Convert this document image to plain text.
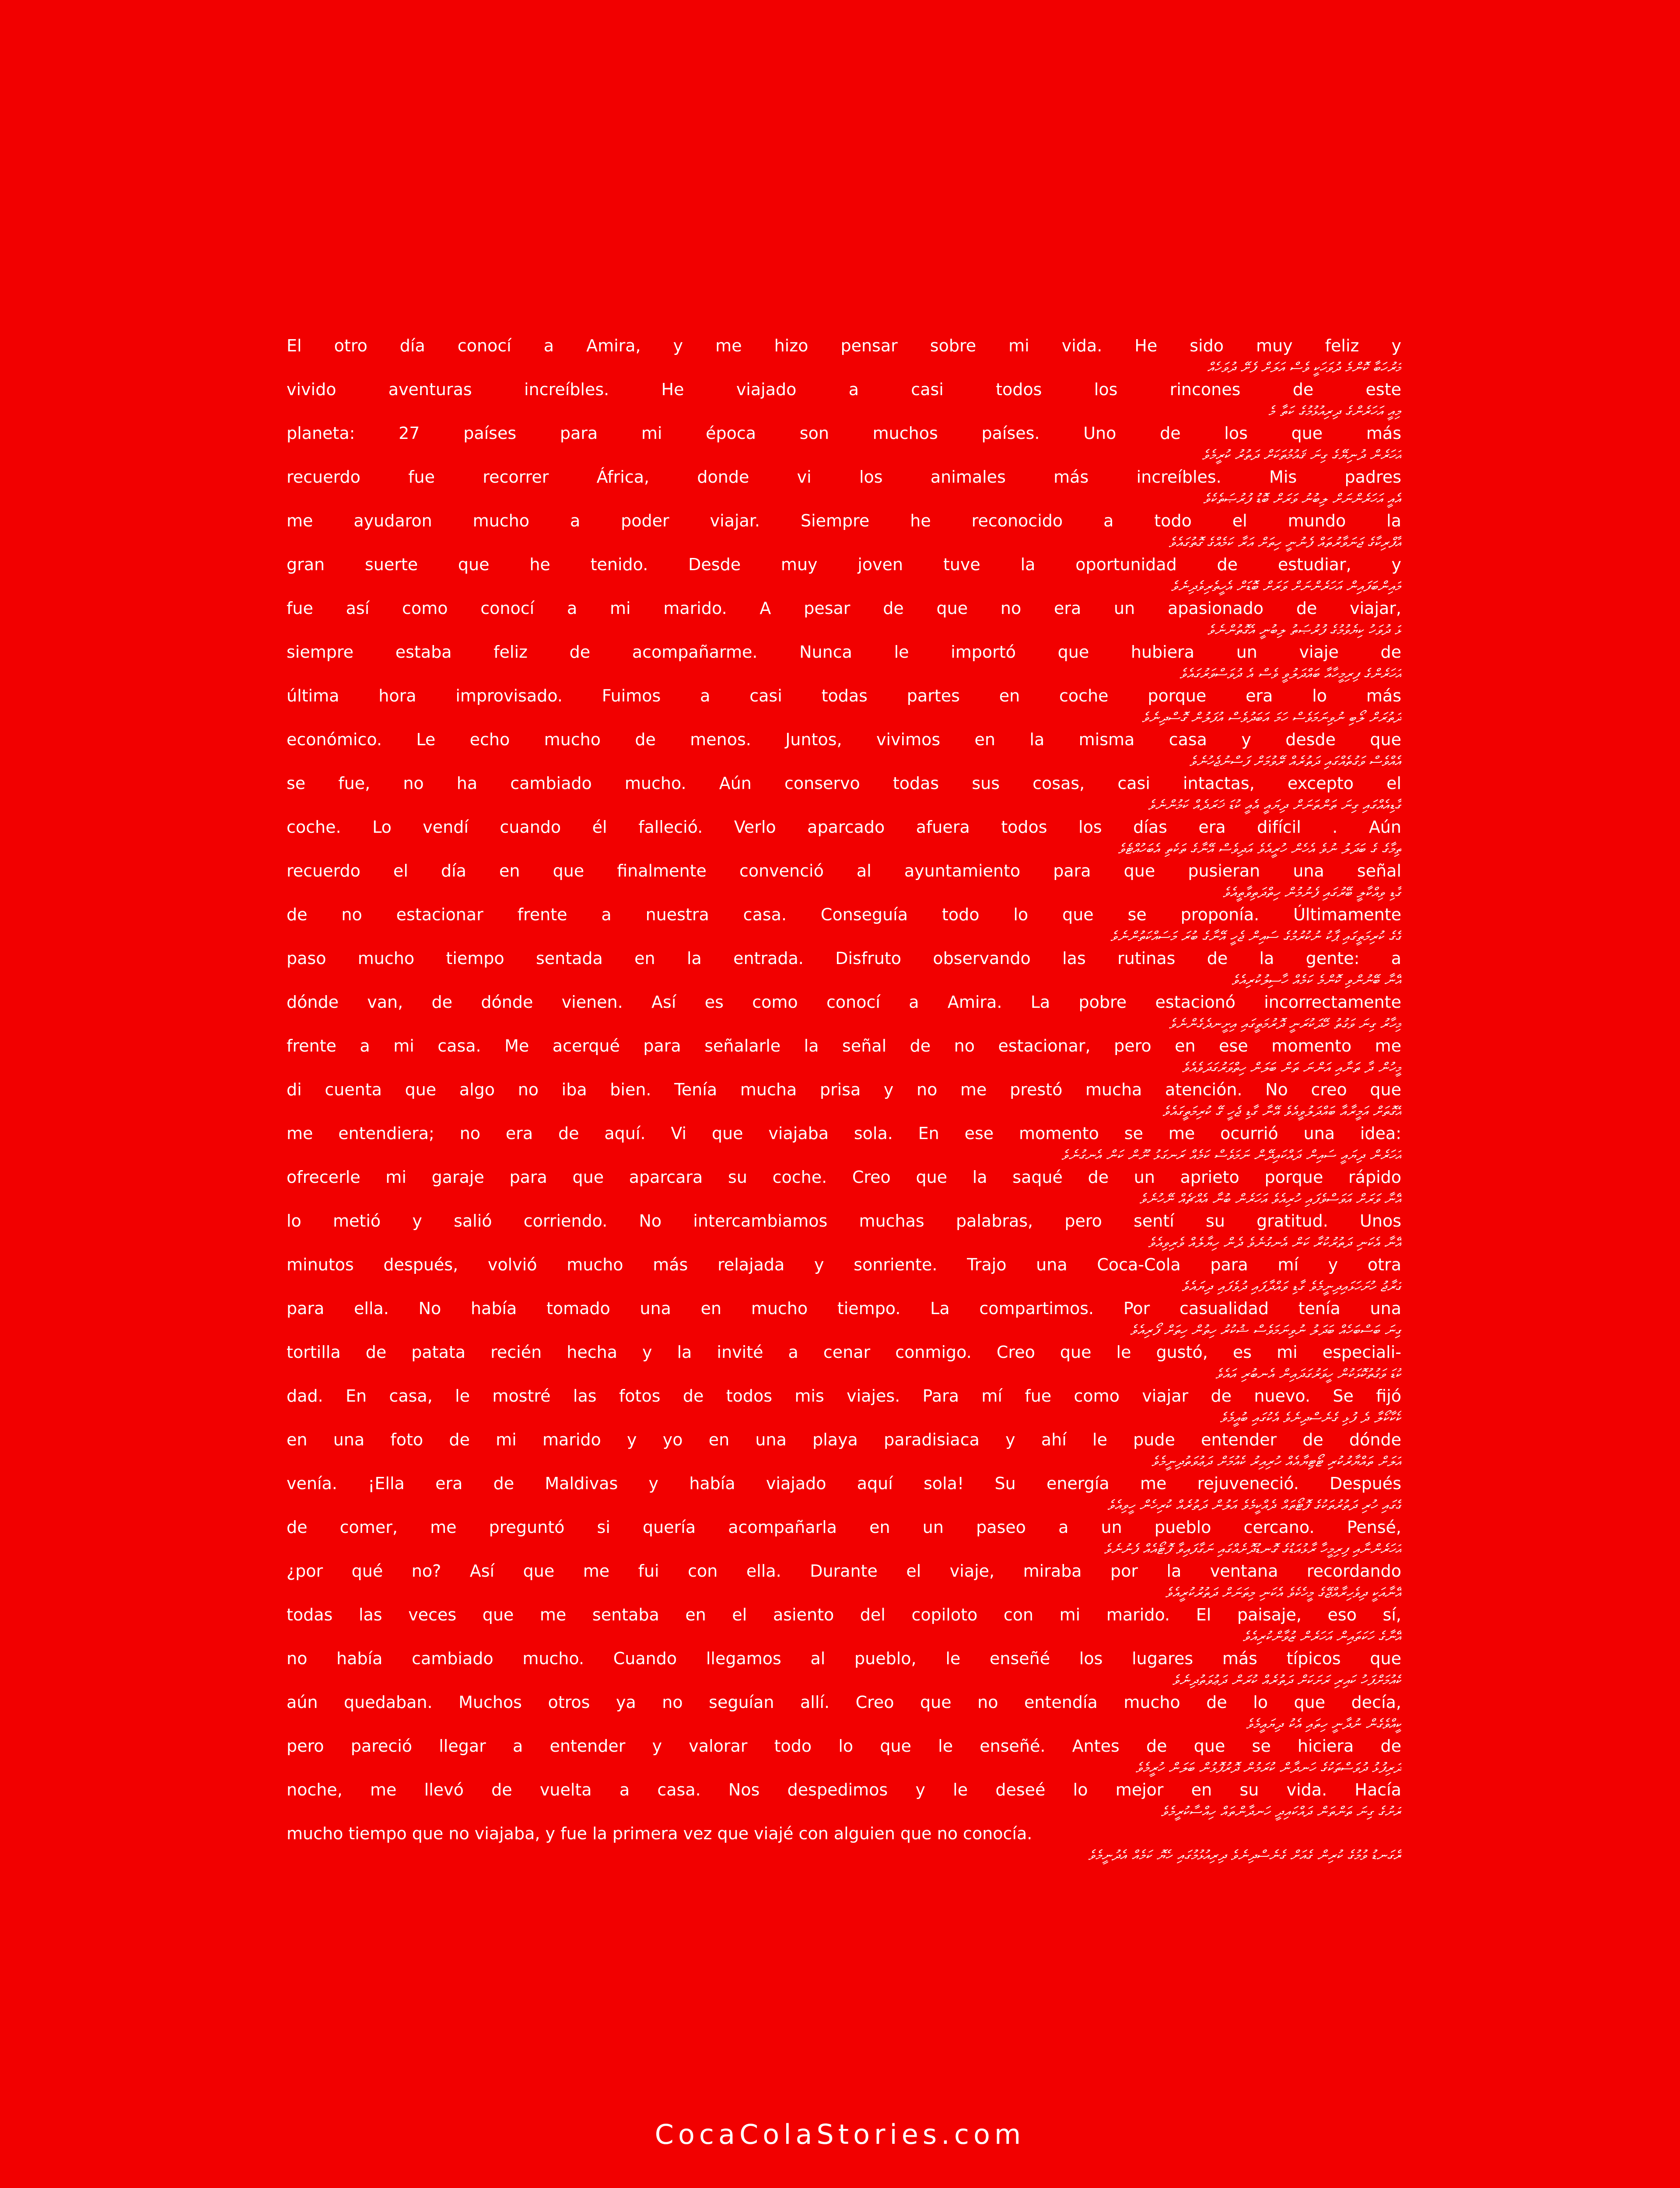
El otro día conocí a Amira, y me hizo pensar sobre mi vida. He sido muy feliz y
މަރުހަބާ ކޮންމެ ދުވަހަކީ ވެސް އަލަށް ފެށޭ ދުވަހެއް
vivido aventuras increíbles. He viajado a casi todos los rincones de este
މިއީ އަހަރެންގެ ދިރިއުޅުމުގެ ކަތާ މެ
planeta: 27 países para mi época son muchos países. Uno de los que más
އަހަރެން ދުނިޔޭގެ ގިނަ ޤައުމުތަކަށް ދަތުރު ކުރީމެވެ
recuerdo fue recorrer África, donde vi los animales más increíbles. Mis padres
އެއީ އަހަރެންނަށް ލިބުނު ވަރަށް ބޮޑު ފުރުޞަތެކެވެ
me ayudaron mucho a poder viajar. Siempre he reconocido a todo el mundo la
އާފްރިކާގެ ޖަނަވާރުތައް ފެނުނީ ހިތަށް އަރާ ކަމެއްގެ ގޮތުގައެވެ
gran suerte que he tenido. Desde muy joven tuve la oportunidad de estudiar, y
މައިންބަފައިން އަހަރެންނަށް ވަރަށް ބޮޑަށް އެހީތެރިވެދިނެވެ
fue así como conocí a mi marido. A pesar de que no era un apasionado de viajar,
ޅަ ދުވަހު ކިޔެވުމުގެ ފުރުޞަތު ލިބުނީ އެގޮތުންނެވެ
siempre estaba feliz de acompañarme. Nunca le importó que hubiera un viaje de
އަހަރެންގެ ފިރިމީހާއާ ބައްދަލުވީ ވެސް އެ ދުވަސްވަރުގައެވެ
última hora improvisado. Fuimos a casi todas partes en coche porque era lo más
ދަތުރަށް ލޯބި ނުވިނަމަވެސް ހަމަ އަބަދުވެސް އުފަލުން ގޮސްދިނެވެ
económico. Le echo mucho de menos. Juntos, vivimos en la misma casa y desde que
އެއްވެސް ވަގުތެއްގައި ދަތުރެއް ރޭވުމަށް ފަސްނުޖެހުނެވެ
se fue, no ha cambiado mucho. Aún conservo todas sus cosas, casi intactas, excepto el
ގާޑިއެއްގައި ގިނަ ތަންތަނަށް ދިޔައީ އެއީ ކުޑަ ޚަރަދެއް ކަމުންނެވެ
coche. Lo vendí cuando él falleció. Verlo aparcado afuera todos los días era difícil . Aún
ތިމާގެ ގެ ބަދަލު ނުވެ އެހެން ހުރީއެވެ އަދިވެސް އޭނާގެ ތަކެތި އެބަހުއްޓެވެ
recuerdo el día en que finalmente convenció al ayuntamiento para que pusieran una señal
ގާޑި ވިއްކާލީ ބޭރުގައި ފެނުމުން ހިތްދަތިވާތީއެވެ
de no estacionar frente a nuestra casa. Conseguía todo lo que se proponía. Últimamente
ގޭގެ ކުރިމަތީގައި ޕާކު ނުކުރުމުގެ ސައިން ޖެހީ އޭނާގެ ބުރަ މަސައްކަތުންނެވެ
paso mucho tiempo sentada en la entrada. Disfruto observando las rutinas de la gente: a
އޭނާ ބޭނުންވި ކޮންމެ ކަމެއް ހާސިލުކުރިއެވެ
dónde van, de dónde vienen. Así es como conocí a Amira. La pobre estacionó incorrectamente
މިހާރު ގިނަ ވަގުތު ހޭދަކުރަނީ ދޮރުމަތީގައި އިށީނދެގެންނެވެ
frente a mi casa. Me acerqué para señalarle la señal de no estacionar, pero en ese momento me
މީހުން ދާ ތަނާއި އަންނަ ތަން ބަލަން ހިތްވަރުގަދަވެއެވެ
di cuenta que algo no iba bien. Tenía mucha prisa y no me prestó mucha atención. No creo que
އެގޮތަށް އަމީރާއާ ބައްދަލުވީއެވެ އޭނާ ގާޑި ޖެހީ ގޭ ކުރިމަތީގައެވެ
me entendiera; no era de aquí. Vi que viajaba sola. En ese momento se me ocurrió una idea:
އަހަރެން ދިޔައީ ސައިން ދައްކައިދޭން ނަމަވެސް ކަމެއް ރަނގަޅު ނޫން ކަން އެނގުނެވެ
ofrecerle mi garaje para que aparcara su coche. Creo que la saqué de un aprieto porque rápido
އޭނާ ވަރަށް އަވަސްވެފައި ހުރިއެވެ އަހަރެން ބުނާ އެއްޗެއް ނޭހުނެވެ
lo metió y salió corriendo. No intercambiamos muchas palabras, pero sentí su gratitud. Unos
އޭނާ އެކަނި ދަތުރުކުރާ ކަން އެނގުނެވެ ދެން ހިޔާލެއް ވެރިވިއެވެ
minutos después, volvió mucho más relajada y sonriente. Trajo una Coca-Cola para mí y otra
ގަރާޖު ހުށަހަޅައިދިނީމެވެ ގާޑި ވައްދާފައި ދުވެފައި ދިޔައެވެ
para ella. No había tomado una en mucho tiempo. La compartimos. Por casualidad tenía una
ގިނަ ބަސްބަހެއް ބަދަލު ނުވިނަމަވެސް ޝުކުރު ހިތުން ހިތަށް ފޯރިއެވެ
tortilla de patata recién hecha y la invité a cenar conmigo. Creo que le gustó, es mi especiali-
ކުޑަ ވަގުތުކޮޅަކުން ހީވަރުގަދައިން އެނބުރި އައެވެ
dad. En casa, le mostré las fotos de todos mis viajes. Para mí fue como viajar de nuevo. Se fijó
ކޯކާކޯލާ ދެ ފުޅި ގެނެސްދިނެވެ އެކުގައި ބުއީމެވެ
en una foto de mi marido y yo en una playa paradisiaca y ahí le pude entender de dónde
އަލަށް ތައްޔާރުކުރި ޓޯޓިޔާއެއް ހުރިއިރު ކެއުމަށް ދަޢުވަތުދިނީމެވެ
venía. ¡Ella era de Maldivas y había viajado aquí sola! Su energía me rejuveneció. Después
ގޭގައި ހުރި ދަތުރުތަކުގެ ފޮޓޯތައް ދެއްކީމެވެ އަލުން ދަތުރެއް ކުރިހެން ހީވިއެވެ
de comer, me preguntó si quería acompañarla en un paseo a un pueblo cercano. Pensé,
އަހަރެންނާއި ފިރިމީހާ ރާޅުއަޑުގެ ގޮނޑުދޮށެއްގައި ނަގާފައިވާ ފޮޓޯއެއް ފެނުނެވެ
¿por qué no? Así que me fui con ella. Durante el viaje, miraba por la ventana recordando
އޭނާއަކީ ދިވެހިރާއްޖޭގެ މީހެކެވެ އެކަނި މިތަނަށް ދަތުރުކުރީއެވެ
todas las veces que me sentaba en el asiento del copiloto con mi marido. El paisaje, eso sí,
އޭނާގެ ހަކަތައިން އަހަރެން ޒުވާންކުރިއެވެ
no había cambiado mucho. Cuando llegamos al pueblo, le enseñé los lugares más típicos que
ކެއުމަށްފަހު ކައިރި ރަށަކަށް ދަތުރެއް ކުރަން ދަޢުވަތުދިނެވެ
aún quedaban. Muchos otros ya no seguían allí. Creo que no entendía mucho de lo que decía,
ކީއްވެގެން ނުދާނީ ހިތައި އެކު ދިޔައީމެވެ
pero pareció llegar a entender y valorar todo lo que le enseñé. Antes de que se hiciera de
ދަރިފުޅު ދުވަސްތަކުގެ ހަނދާން ކުރަމުން ދޮރުފޮޅުން ބަލަން ހުރީމެވެ
noche, me llevó de vuelta a casa. Nos despedimos y le deseé lo mejor en su vida. Hacía
ރަށުގެ ގިނަ ތަންތަން ދައްކައިދީ ހަނދާންތައް ހިއްސާކުރީމެވެ
mucho tiempo que no viajaba, y fue la primera vez que viajé con alguien que no conocía.
ރޭގަނޑު ވުމުގެ ކުރިން ގެއަށް ގެނެސްދިނެވެ ދިރިއުޅުމުގައި ހެޔޮ ކަމެއް އެދުނީމެވެ
CocaColaStories.com
